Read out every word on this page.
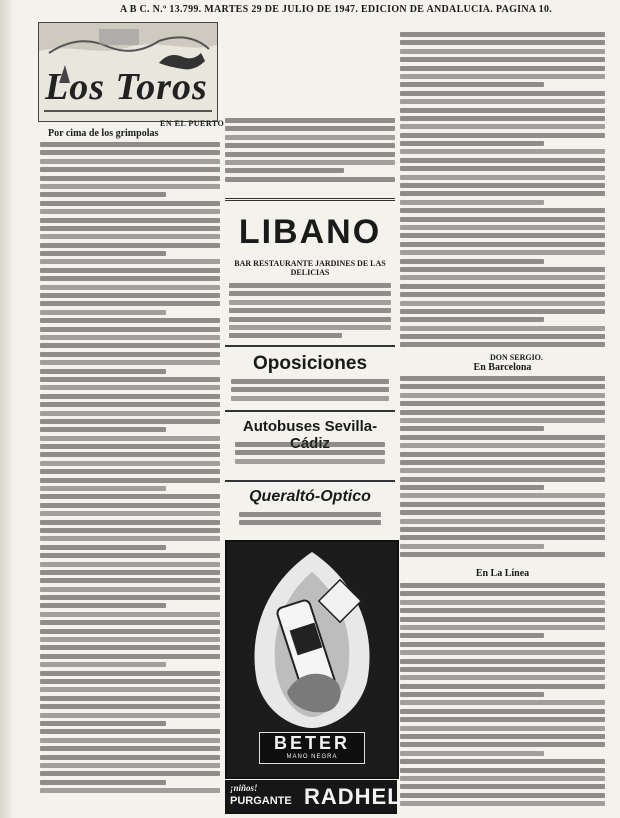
A B C. N.º 13.799. MARTES 29 DE JULIO DE 1947. EDICION DE ANDALUCIA. PAGINA 10.
Los Toros
EN EL PUERTO
Por cima de los grimpolas
DON SERGIO.
En Barcelona
En La Línea
LIBANO
BAR RESTAURANTE JARDINES DE LAS DELICIAS
Oposiciones
Autobuses Sevilla-
Queraltó-Optico
BETER
MANO NEGRA
¡niños!
PURGANTE RADHEL
